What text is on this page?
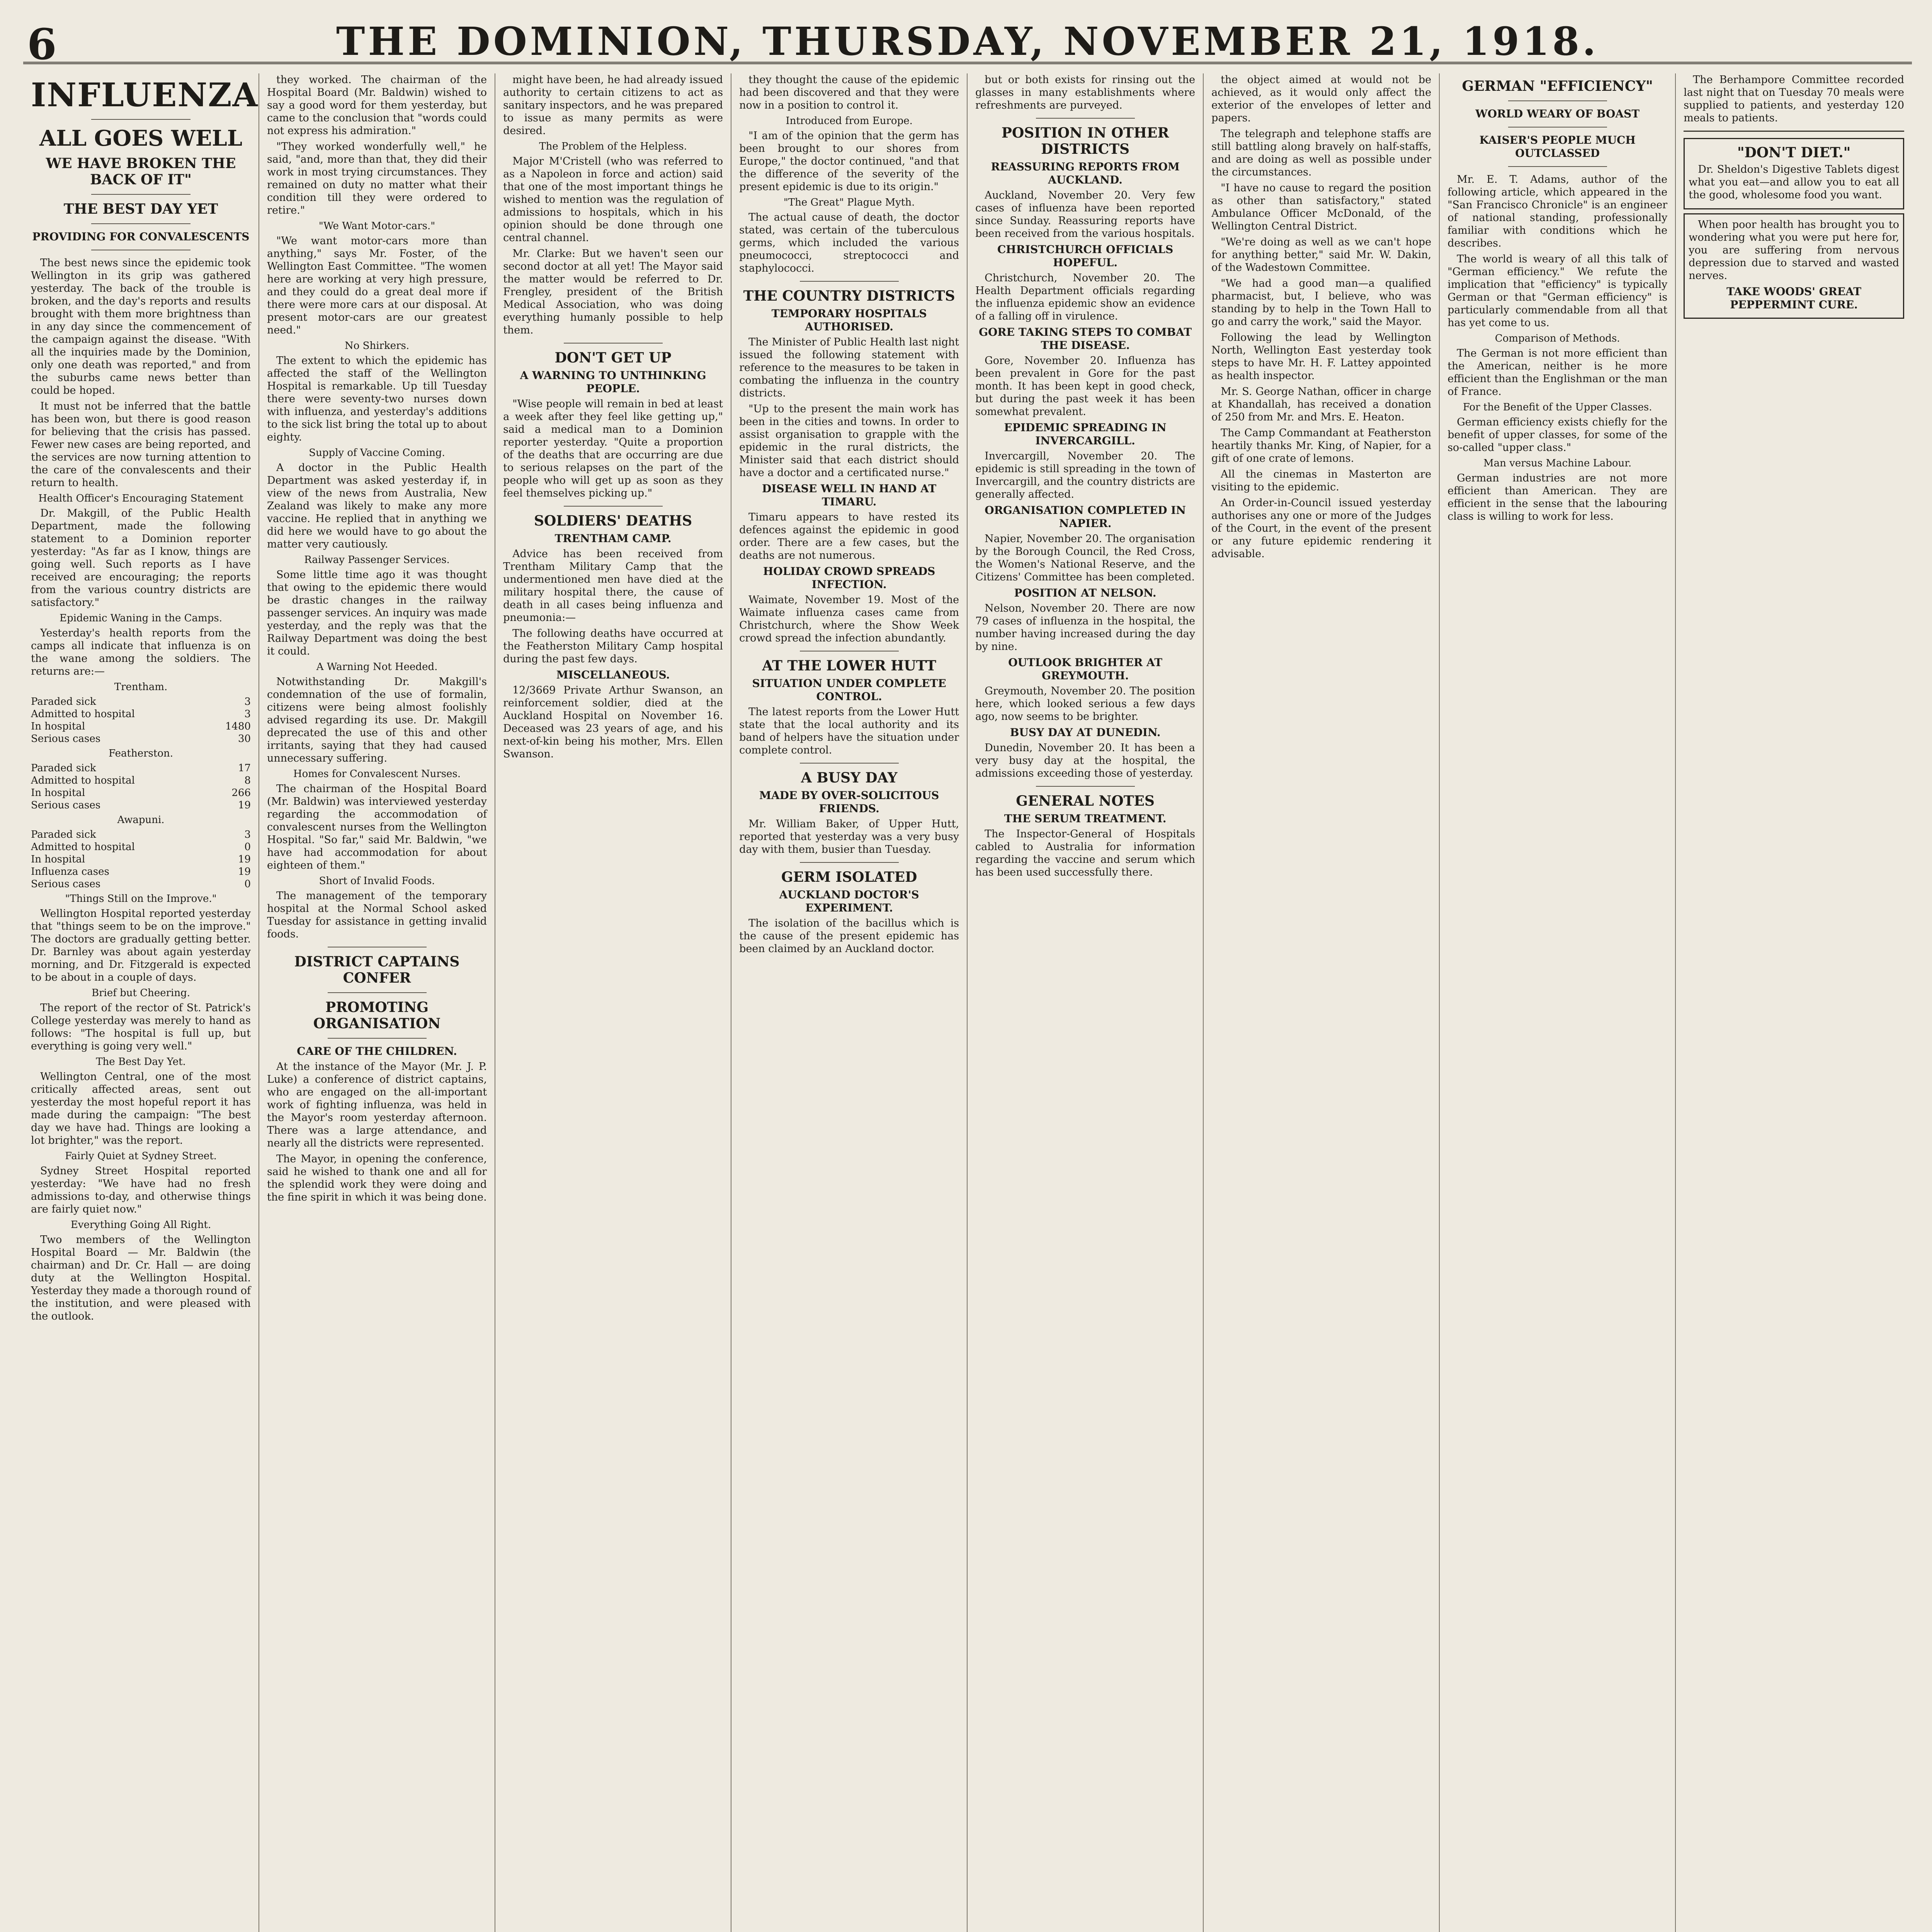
6	THE DOMINION, THURSDAY, NOVEMBER 21, 1918.
INFLUENZA
ALL GOES WELL
WE HAVE BROKEN THE BACK OF IT"
THE BEST DAY YET
PROVIDING FOR CONVALESCENTS

The best news since the epidemic took Wellington in its grip was gathered yesterday. The back of the trouble is broken, and the day's reports and results brought with them more brightness than in any day since the commencement of the campaign against the disease. "With all the inquiries made by the Dominion, only one death was reported," and from the suburbs came news better than could be hoped.

It must not be inferred that the battle has been won, but there is good reason for believing that the crisis has passed. Fewer new cases are being reported, and the services are now turning attention to the care of the convalescents and their return to health.

Health Officer's Encouraging Statement

Dr. Makgill, of the Public Health Department, made the following statement to a Dominion reporter yesterday: "As far as I know, things are going well. Such reports as I have received are encouraging; the reports from the various country districts are satisfactory."

Epidemic Waning in the Camps.

Yesterday's health reports from the camps all indicate that influenza is on the wane among the soldiers. The returns are:—

Trentham.
Paraded sick	3
Admitted to hospital	3
In hospital	1480
Serious cases	30
Featherston.
Paraded sick	17
Admitted to hospital	8
In hospital	266
Serious cases	19
Awapuni.
Paraded sick	3
Admitted to hospital	0
In hospital	19
Influenza cases	19
Serious cases	0
"Things Still on the Improve."

Wellington Hospital reported yesterday that "things seem to be on the improve." The doctors are gradually getting better. Dr. Barnley was about again yesterday morning, and Dr. Fitzgerald is expected to be about in a couple of days.

Brief but Cheering.

The report of the rector of St. Patrick's College yesterday was merely to hand as follows: "The hospital is full up, but everything is going very well."

The Best Day Yet.

Wellington Central, one of the most critically affected areas, sent out yesterday the most hopeful report it has made during the campaign: "The best day we have had. Things are looking a lot brighter," was the report.

Fairly Quiet at Sydney Street.

Sydney Street Hospital reported yesterday: "We have had no fresh admissions to-day, and otherwise things are fairly quiet now."

Everything Going All Right.

Two members of the Wellington Hospital Board — Mr. Baldwin (the chairman) and Dr. Cr. Hall — are doing duty at the Wellington Hospital. Yesterday they made a thorough round of the institution, and were pleased with the outlook.

they worked. The chairman of the Hospital Board (Mr. Baldwin) wished to say a good word for them yesterday, but came to the conclusion that "words could not express his admiration."

"They worked wonderfully well," he said, "and, more than that, they did their work in most trying circumstances. They remained on duty no matter what their condition till they were ordered to retire."

"We Want Motor-cars."

"We want motor-cars more than anything," says Mr. Foster, of the Wellington East Committee. "The women here are working at very high pressure, and they could do a great deal more if there were more cars at our disposal. At present motor-cars are our greatest need."

No Shirkers.

The extent to which the epidemic has affected the staff of the Wellington Hospital is remarkable. Up till Tuesday there were seventy-two nurses down with influenza, and yesterday's additions to the sick list bring the total up to about eighty.

Supply of Vaccine Coming.

A doctor in the Public Health Department was asked yesterday if, in view of the news from Australia, New Zealand was likely to make any more vaccine. He replied that in anything we did here we would have to go about the matter very cautiously.

Railway Passenger Services.

Some little time ago it was thought that owing to the epidemic there would be drastic changes in the railway passenger services. An inquiry was made yesterday, and the reply was that the Railway Department was doing the best it could.

A Warning Not Heeded.

Notwithstanding Dr. Makgill's condemnation of the use of formalin, citizens were being almost foolishly advised regarding its use. Dr. Makgill deprecated the use of this and other irritants, saying that they had caused unnecessary suffering.

Homes for Convalescent Nurses.

The chairman of the Hospital Board (Mr. Baldwin) was interviewed yesterday regarding the accommodation of convalescent nurses from the Wellington Hospital. "So far," said Mr. Baldwin, "we have had accommodation for about eighteen of them."

Short of Invalid Foods.

The management of the temporary hospital at the Normal School asked Tuesday for assistance in getting invalid foods.

DISTRICT CAPTAINS CONFER
PROMOTING ORGANISATION
CARE OF THE CHILDREN.

At the instance of the Mayor (Mr. J. P. Luke) a conference of district captains, who are engaged on the all-important work of fighting influenza, was held in the Mayor's room yesterday afternoon. There was a large attendance, and nearly all the districts were represented.

The Mayor, in opening the conference, said he wished to thank one and all for the splendid work they were doing and the fine spirit in which it was being done.

might have been, he had already issued authority to certain citizens to act as sanitary inspectors, and he was prepared to issue as many permits as were desired.

The Problem of the Helpless.

Major M'Cristell (who was referred to as a Napoleon in force and action) said that one of the most important things he wished to mention was the regulation of admissions to hospitals, which in his opinion should be done through one central channel.

Mr. Clarke: But we haven't seen our second doctor at all yet! The Mayor said the matter would be referred to Dr. Frengley, president of the British Medical Association, who was doing everything humanly possible to help them.

DON'T GET UP
A WARNING TO UNTHINKING PEOPLE.

"Wise people will remain in bed at least a week after they feel like getting up," said a medical man to a Dominion reporter yesterday. "Quite a proportion of the deaths that are occurring are due to serious relapses on the part of the people who will get up as soon as they feel themselves picking up."

SOLDIERS' DEATHS
TRENTHAM CAMP.

Advice has been received from Trentham Military Camp that the undermentioned men have died at the military hospital there, the cause of death in all cases being influenza and pneumonia:—

The following deaths have occurred at the Featherston Military Camp hospital during the past few days.

MISCELLANEOUS.

12/3669 Private Arthur Swanson, an reinforcement soldier, died at the Auckland Hospital on November 16. Deceased was 23 years of age, and his next-of-kin being his mother, Mrs. Ellen Swanson.

they thought the cause of the epidemic had been discovered and that they were now in a position to control it.

Introduced from Europe.

"I am of the opinion that the germ has been brought to our shores from Europe," the doctor continued, "and that the difference of the severity of the present epidemic is due to its origin."

"The Great" Plague Myth.

The actual cause of death, the doctor stated, was certain of the tuberculous germs, which included the various pneumococci, streptococci and staphylococci.

THE COUNTRY DISTRICTS
TEMPORARY HOSPITALS AUTHORISED.

The Minister of Public Health last night issued the following statement with reference to the measures to be taken in combating the influenza in the country districts.

"Up to the present the main work has been in the cities and towns. In order to assist organisation to grapple with the epidemic in the rural districts, the Minister said that each district should have a doctor and a certificated nurse."

DISEASE WELL IN HAND AT TIMARU.

Timaru appears to have rested its defences against the epidemic in good order. There are a few cases, but the deaths are not numerous.

HOLIDAY CROWD SPREADS INFECTION.

Waimate, November 19. Most of the Waimate influenza cases came from Christchurch, where the Show Week crowd spread the infection abundantly.

AT THE LOWER HUTT
SITUATION UNDER COMPLETE CONTROL.

The latest reports from the Lower Hutt state that the local authority and its band of helpers have the situation under complete control.

A BUSY DAY
MADE BY OVER-SOLICITOUS FRIENDS.

Mr. William Baker, of Upper Hutt, reported that yesterday was a very busy day with them, busier than Tuesday.

GERM ISOLATED
AUCKLAND DOCTOR'S EXPERIMENT.

The isolation of the bacillus which is the cause of the present epidemic has been claimed by an Auckland doctor.

but or both exists for rinsing out the glasses in many establishments where refreshments are purveyed.

POSITION IN OTHER DISTRICTS
REASSURING REPORTS FROM AUCKLAND.

Auckland, November 20. Very few cases of influenza have been reported since Sunday. Reassuring reports have been received from the various hospitals.

CHRISTCHURCH OFFICIALS HOPEFUL.

Christchurch, November 20. The Health Department officials regarding the influenza epidemic show an evidence of a falling off in virulence.

GORE TAKING STEPS TO COMBAT THE DISEASE.

Gore, November 20. Influenza has been prevalent in Gore for the past month. It has been kept in good check, but during the past week it has been somewhat prevalent.

EPIDEMIC SPREADING IN INVERCARGILL.

Invercargill, November 20. The epidemic is still spreading in the town of Invercargill, and the country districts are generally affected.

ORGANISATION COMPLETED IN NAPIER.

Napier, November 20. The organisation by the Borough Council, the Red Cross, the Women's National Reserve, and the Citizens' Committee has been completed.

POSITION AT NELSON.

Nelson, November 20. There are now 79 cases of influenza in the hospital, the number having increased during the day by nine.

OUTLOOK BRIGHTER AT GREYMOUTH.

Greymouth, November 20. The position here, which looked serious a few days ago, now seems to be brighter.

BUSY DAY AT DUNEDIN.

Dunedin, November 20. It has been a very busy day at the hospital, the admissions exceeding those of yesterday.

GENERAL NOTES
THE SERUM TREATMENT.

The Inspector-General of Hospitals cabled to Australia for information regarding the vaccine and serum which has been used successfully there.

the object aimed at would not be achieved, as it would only affect the exterior of the envelopes of letter and papers.

The telegraph and telephone staffs are still battling along bravely on half-staffs, and are doing as well as possible under the circumstances.

"I have no cause to regard the position as other than satisfactory," stated Ambulance Officer McDonald, of the Wellington Central District.

"We're doing as well as we can't hope for anything better," said Mr. W. Dakin, of the Wadestown Committee.

"We had a good man—a qualified pharmacist, but, I believe, who was standing by to help in the Town Hall to go and carry the work," said the Mayor.

Following the lead by Wellington North, Wellington East yesterday took steps to have Mr. H. F. Lattey appointed as health inspector.

Mr. S. George Nathan, officer in charge at Khandallah, has received a donation of 250 from Mr. and Mrs. E. Heaton.

The Camp Commandant at Featherston heartily thanks Mr. King, of Napier, for a gift of one crate of lemons.

All the cinemas in Masterton are visiting to the epidemic.

An Order-in-Council issued yesterday authorises any one or more of the Judges of the Court, in the event of the present or any future epidemic rendering it advisable.

GERMAN "EFFICIENCY"
WORLD WEARY OF BOAST
KAISER'S PEOPLE MUCH OUTCLASSED

Mr. E. T. Adams, author of the following article, which appeared in the "San Francisco Chronicle" is an engineer of national standing, professionally familiar with conditions which he describes.

The world is weary of all this talk of "German efficiency." We refute the implication that "efficiency" is typically German or that "German efficiency" is particularly commendable from all that has yet come to us.

Comparison of Methods.

The German is not more efficient than the American, neither is he more efficient than the Englishman or the man of France.

For the Benefit of the Upper Classes.

German efficiency exists chiefly for the benefit of upper classes, for some of the so-called "upper class."

Man versus Machine Labour.

German industries are not more efficient than American. They are efficient in the sense that the labouring class is willing to work for less.

The Berhampore Committee recorded last night that on Tuesday 70 meals were supplied to patients, and yesterday 120 meals to patients.

"DON'T DIET."

Dr. Sheldon's Digestive Tablets digest what you eat—and allow you to eat all the good, wholesome food you want.

When poor health has brought you to wondering what you were put here for, you are suffering from nervous depression due to starved and wasted nerves.

TAKE WOODS' GREAT PEPPERMINT CURE.
